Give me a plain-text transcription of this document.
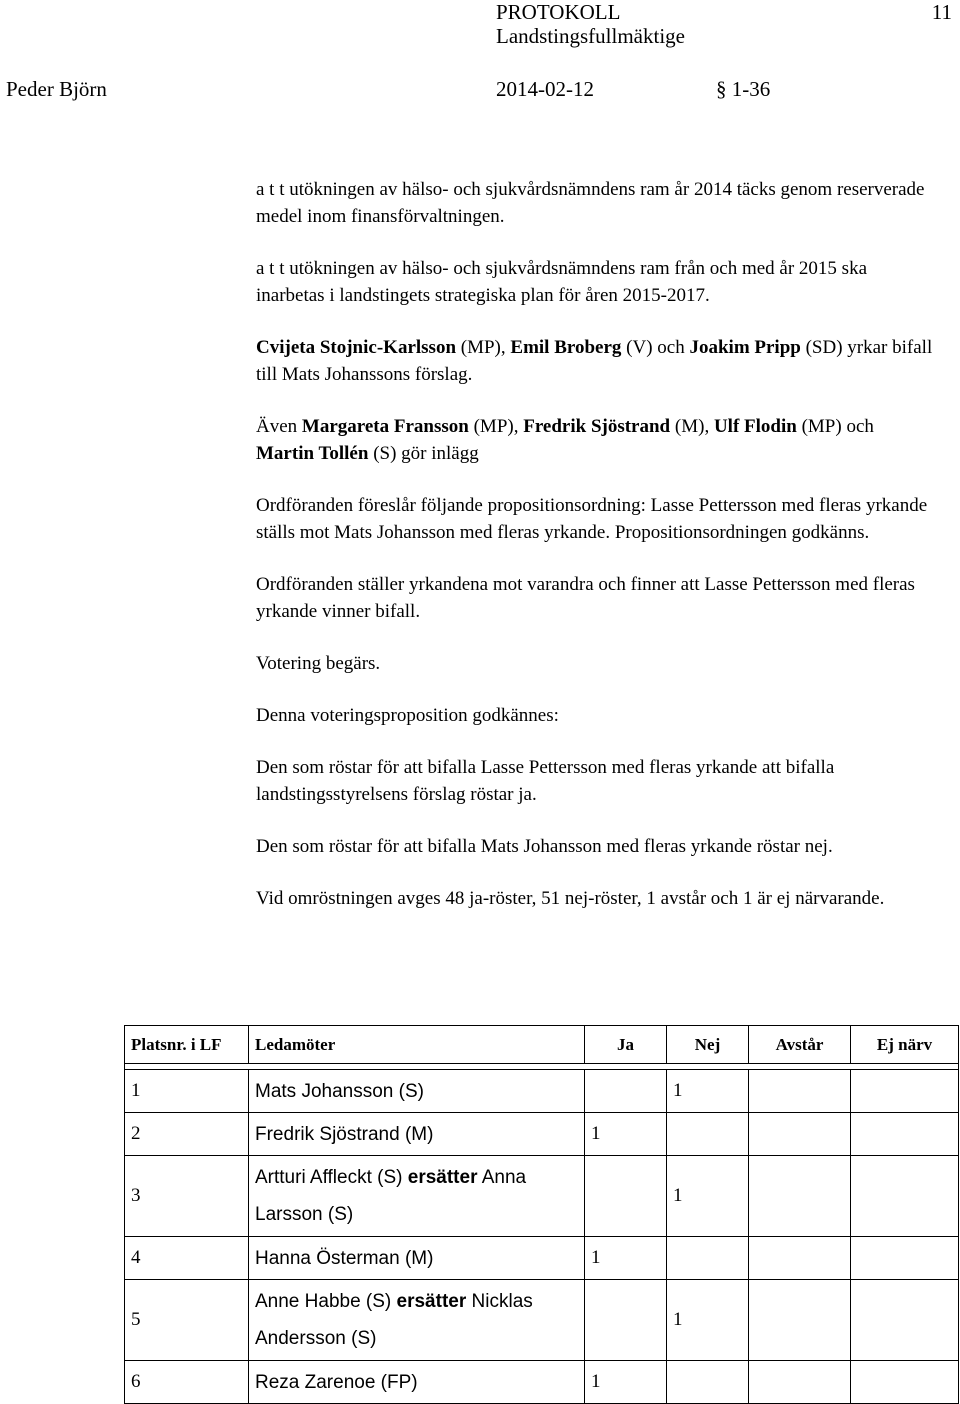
PROTOKOLL	11
Landstingsfullmäktige
Peder Björn	2014-02-12	§ 1-36

a t t utökningen av hälso- och sjukvårdsnämndens ram år 2014 täcks genom reserverade medel inom finansförvaltningen.

a t t utökningen av hälso- och sjukvårdsnämndens ram från och med år 2015 ska inarbetas i landstingets strategiska plan för åren 2015-2017.

Cvijeta Stojnic-Karlsson (MP), Emil Broberg (V) och Joakim Pripp (SD) yrkar bifall till Mats Johanssons förslag.

Även Margareta Fransson (MP), Fredrik Sjöstrand (M), Ulf Flodin (MP) och Martin Tollén (S) gör inlägg

Ordföranden föreslår följande propositionsordning: Lasse Pettersson med fleras yrkande ställs mot Mats Johansson med fleras yrkande. Propositionsordningen godkänns.

Ordföranden ställer yrkandena mot varandra och finner att Lasse Pettersson med fleras yrkande vinner bifall.

Votering begärs.

Denna voteringsproposition godkännes:

Den som röstar för att bifalla Lasse Pettersson med fleras yrkande att bifalla landstingsstyrelsens förslag röstar ja.

Den som röstar för att bifalla Mats Johansson med fleras yrkande röstar nej.

Vid omröstningen avges 48 ja-röster, 51 nej-röster, 1 avstår och 1 är ej närvarande.

Platsnr. i LF	Ledamöter	Ja	Nej	Avstår	Ej närv

1	Mats Johansson (S)		1		
2	Fredrik Sjöstrand (M)	1			
3	Artturi Affleckt (S) ersätter Anna Larsson (S)		1		
4	Hanna Österman (M)	1			
5	Anne Habbe (S) ersätter Nicklas Andersson (S)		1		
6	Reza Zarenoe (FP)	1			
